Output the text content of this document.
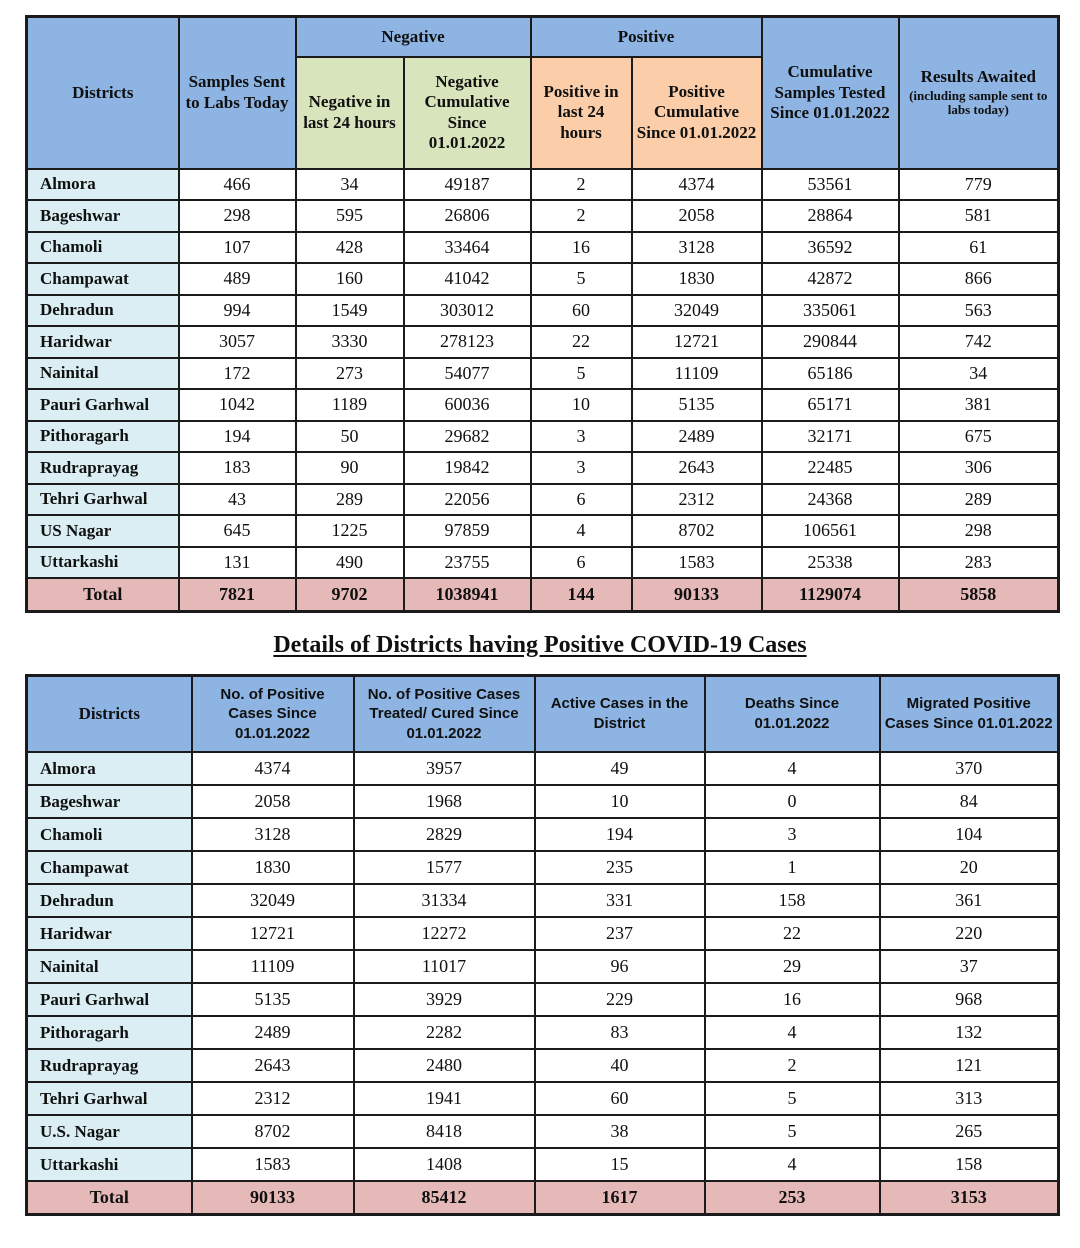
Districts	Samples Sent to Labs Today	Negative		Positive		Cumulative Samples Tested Since 01.01.2022	Results Awaited
(including sample sent to labs today)

		Negative in last 24 hours	Negative Cumulative Since 01.01.2022	Positive in last 24 hours	Positive Cumulative Since 01.01.2022		
Almora	466	34	49187	2	4374	53561	779
Bageshwar	298	595	26806	2	2058	28864	581
Chamoli	107	428	33464	16	3128	36592	61
Champawat	489	160	41042	5	1830	42872	866
Dehradun	994	1549	303012	60	32049	335061	563
Haridwar	3057	3330	278123	22	12721	290844	742
Nainital	172	273	54077	5	11109	65186	34
Pauri Garhwal	1042	1189	60036	10	5135	65171	381
Pithoragarh	194	50	29682	3	2489	32171	675
Rudraprayag	183	90	19842	3	2643	22485	306
Tehri Garhwal	43	289	22056	6	2312	24368	289
US Nagar	645	1225	97859	4	8702	106561	298
Uttarkashi	131	490	23755	6	1583	25338	283
Total	7821	9702	1038941	144	90133	1129074	5858
Details of Districts having Positive COVID-19 Cases
Districts	No. of Positive Cases Since 01.01.2022	No. of Positive Cases Treated/ Cured Since 01.01.2022	Active Cases in the District	Deaths Since 01.01.2022	Migrated Positive Cases Since 01.01.2022
Almora	4374	3957	49	4	370
Bageshwar	2058	1968	10	0	84
Chamoli	3128	2829	194	3	104
Champawat	1830	1577	235	1	20
Dehradun	32049	31334	331	158	361
Haridwar	12721	12272	237	22	220
Nainital	11109	11017	96	29	37
Pauri Garhwal	5135	3929	229	16	968
Pithoragarh	2489	2282	83	4	132
Rudraprayag	2643	2480	40	2	121
Tehri Garhwal	2312	1941	60	5	313
U.S. Nagar	8702	8418	38	5	265
Uttarkashi	1583	1408	15	4	158
Total	90133	85412	1617	253	3153
